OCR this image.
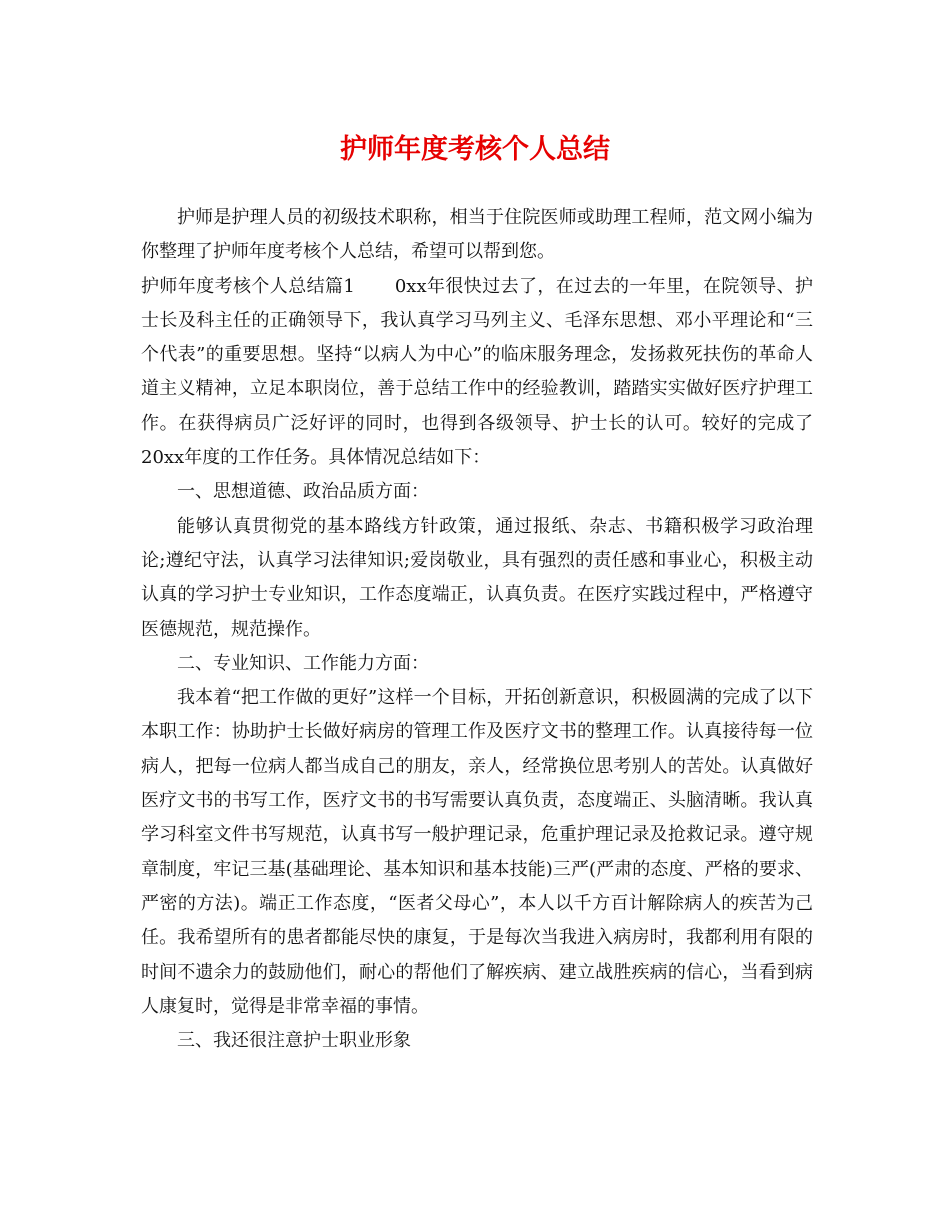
护师年度考核个人总结

护师是护理人员的初级技术职称，相当于住院医师或助理工程师，范文网小编为你整理了护师年度考核个人总结，希望可以帮到您。

护师年度考核个人总结篇1 0xx年很快过去了，在过去的一年里，在院领导、护士长及科主任的正确领导下，我认真学习马列主义、毛泽东思想、邓小平理论和“三个代表”的重要思想。坚持“以病人为中心”的临床服务理念，发扬救死扶伤的革命人道主义精神，立足本职岗位，善于总结工作中的经验教训，踏踏实实做好医疗护理工作。在获得病员广泛好评的同时，也得到各级领导、护士长的认可。较好的完成了20xx年度的工作任务。具体情况总结如下：

一、思想道德、政治品质方面：

能够认真贯彻党的基本路线方针政策，通过报纸、杂志、书籍积极学习政治理论;遵纪守法，认真学习法律知识;爱岗敬业，具有强烈的责任感和事业心，积极主动认真的学习护士专业知识，工作态度端正，认真负责。在医疗实践过程中，严格遵守医德规范，规范操作。

二、专业知识、工作能力方面：

我本着“把工作做的更好”这样一个目标，开拓创新意识，积极圆满的完成了以下本职工作：协助护士长做好病房的管理工作及医疗文书的整理工作。认真接待每一位病人，把每一位病人都当成自己的朋友，亲人，经常换位思考别人的苦处。认真做好医疗文书的书写工作，医疗文书的书写需要认真负责，态度端正、头脑清晰。我认真学习科室文件书写规范，认真书写一般护理记录，危重护理记录及抢救记录。遵守规章制度，牢记三基(基础理论、基本知识和基本技能)三严(严肃的态度、严格的要求、严密的方法)。端正工作态度，“医者父母心”，本人以千方百计解除病人的疾苦为己任。我希望所有的患者都能尽快的康复，于是每次当我进入病房时，我都利用有限的时间不遗余力的鼓励他们，耐心的帮他们了解疾病、建立战胜疾病的信心，当看到病人康复时，觉得是非常幸福的事情。

三、我还很注意护士职业形象
